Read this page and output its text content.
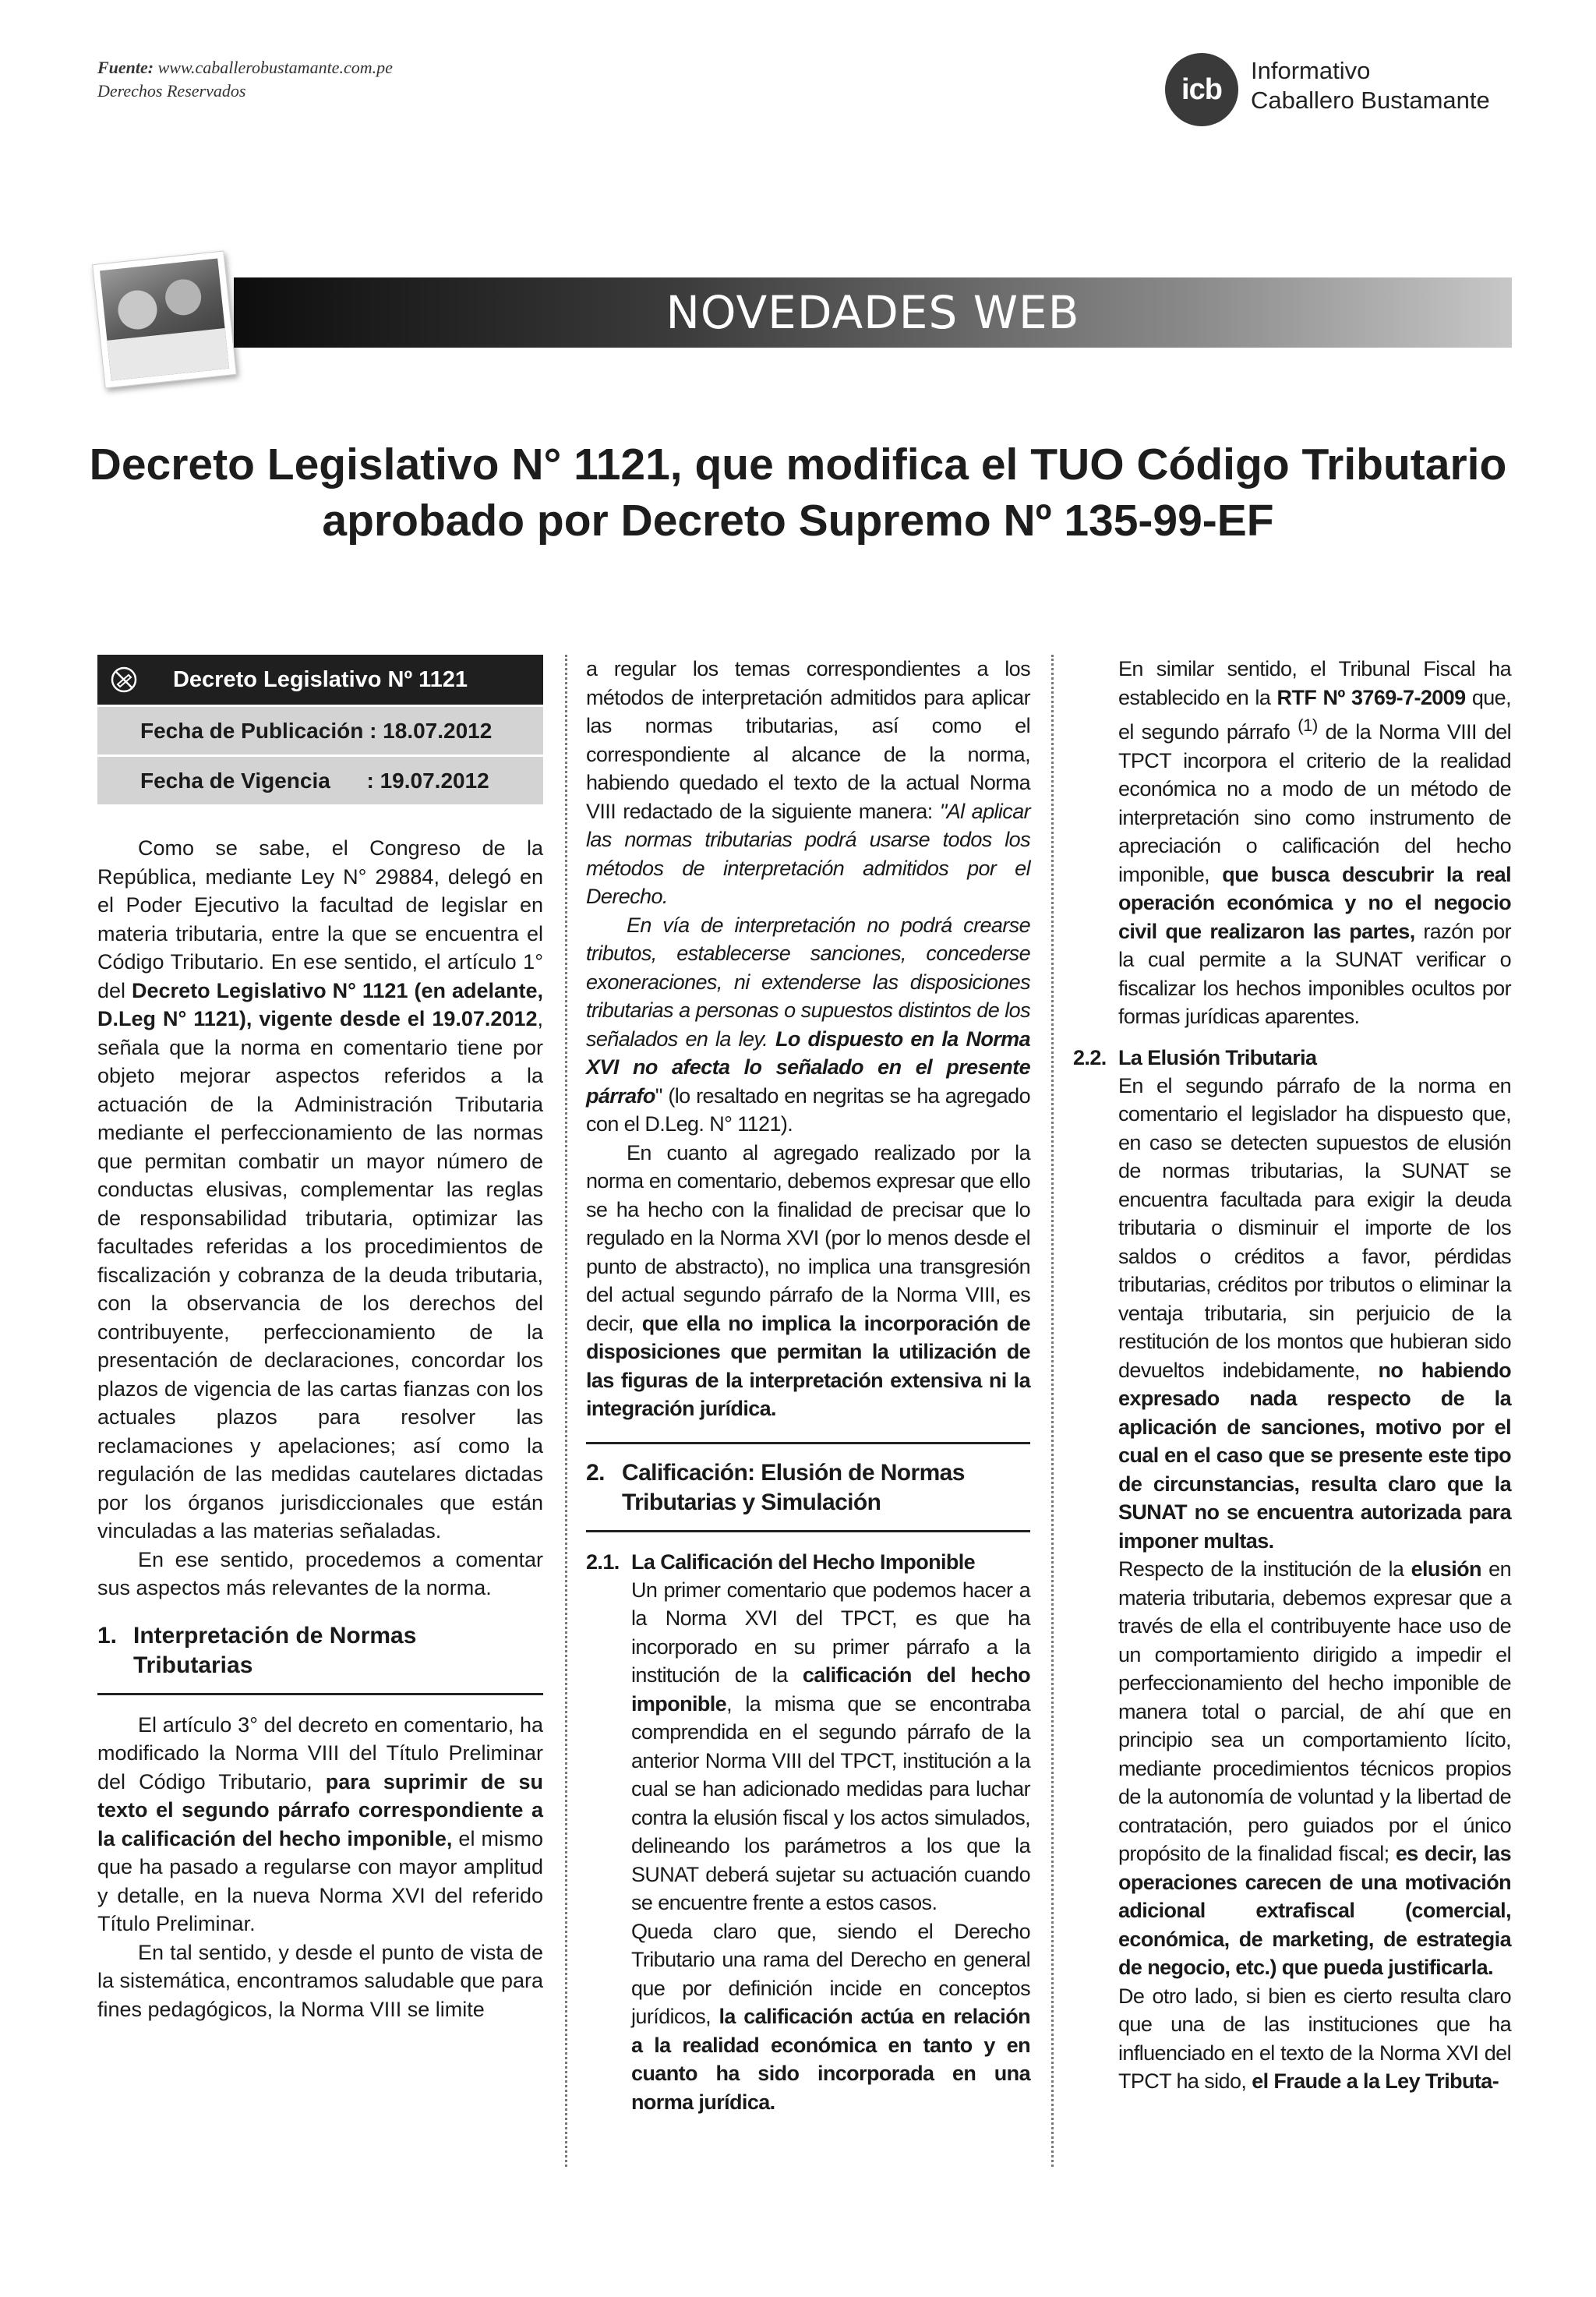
Fuente: www.caballerobustamante.com.pe
Derechos Reservados	icb
Informativo
Caballero Bustamante
NOVEDADES WEB
Decreto Legislativo N° 1121, que modifica el TUO Código Tributario
aprobado por Decreto Supremo Nº 135-99-EF
Decreto Legislativo Nº 1121
Fecha de Publicación : 18.07.2012
Fecha de Vigencia      : 19.07.2012

Como se sabe, el Congreso de la República, mediante Ley N° 29884, delegó en el Poder Ejecutivo la facultad de legislar en materia tributaria, entre la que se encuentra el Código Tributario. En ese sentido, el artículo 1° del Decreto Legislativo N° 1121 (en adelante, D.Leg N° 1121), vigente desde el 19.07.2012, señala que la norma en comentario tiene por objeto mejorar aspectos referidos a la actuación de la Administración Tributaria mediante el perfeccionamiento de las normas que permitan combatir un mayor número de conductas elusivas, complementar las reglas de responsabilidad tributaria, optimizar las facultades referidas a los procedimientos de fiscalización y cobranza de la deuda tributaria, con la observancia de los derechos del contribuyente, perfeccionamiento de la presentación de declaraciones, concordar los plazos de vigencia de las cartas fianzas con los actuales plazos para resolver las reclamaciones y apelaciones; así como la regulación de las medidas cautelares dictadas por los órganos jurisdiccionales que están vinculadas a las materias señaladas.

En ese sentido, procedemos a comentar sus aspectos más relevantes de la norma.

1. Interpretación de Normas Tributarias

El artículo 3° del decreto en comentario, ha modificado la Norma VIII del Título Preliminar del Código Tributario, para suprimir de su texto el segundo párrafo correspondiente a la calificación del hecho imponible, el mismo que ha pasado a regularse con mayor amplitud y detalle, en la nueva Norma XVI del referido Título Preliminar.

En tal sentido, y desde el punto de vista de la sistemática, encontramos saludable que para fines pedagógicos, la Norma VIII se limite

a regular los temas correspondientes a los métodos de interpretación admitidos para aplicar las normas tributarias, así como el correspondiente al alcance de la norma, habiendo quedado el texto de la actual Norma VIII redactado de la siguiente manera: "Al aplicar las normas tributarias podrá usarse todos los métodos de interpretación admitidos por el Derecho.

En vía de interpretación no podrá crearse tributos, establecerse sanciones, concederse exoneraciones, ni extenderse las disposiciones tributarias a personas o supuestos distintos de los señalados en la ley. Lo dispuesto en la Norma XVI no afecta lo señalado en el presente párrafo" (lo resaltado en negritas se ha agregado con el D.Leg. N° 1121).

En cuanto al agregado realizado por la norma en comentario, debemos expresar que ello se ha hecho con la finalidad de precisar que lo regulado en la Norma XVI (por lo menos desde el punto de abstracto), no implica una transgresión del actual segundo párrafo de la Norma VIII, es decir, que ella no implica la incorporación de disposiciones que permitan la utilización de las figuras de la interpretación extensiva ni la integración jurídica.

2. Calificación: Elusión de Normas Tributarias y Simulación
2.1. La Calificación del Hecho Imponible

Un primer comentario que podemos hacer a la Norma XVI del TPCT, es que ha incorporado en su primer párrafo a la institución de la calificación del hecho imponible, la misma que se encontraba comprendida en el segundo párrafo de la anterior Norma VIII del TPCT, institución a la cual se han adicionado medidas para luchar contra la elusión fiscal y los actos simulados, delineando los parámetros a los que la SUNAT deberá sujetar su actuación cuando se encuentre frente a estos casos.

Queda claro que, siendo el Derecho Tributario una rama del Derecho en general que por definición incide en conceptos jurídicos, la calificación actúa en relación a la realidad económica en tanto y en cuanto ha sido incorporada en una norma jurídica.

En similar sentido, el Tribunal Fiscal ha establecido en la RTF Nº 3769-7-2009 que, el segundo párrafo $^{(1)}$ de la Norma VIII del TPCT incorpora el criterio de la realidad económica no a modo de un método de interpretación sino como instrumento de apreciación o calificación del hecho imponible, que busca descubrir la real operación económica y no el negocio civil que realizaron las partes, razón por la cual permite a la SUNAT verificar o fiscalizar los hechos imponibles ocultos por formas jurídicas aparentes.

2.2. La Elusión Tributaria

En el segundo párrafo de la norma en comentario el legislador ha dispuesto que, en caso se detecten supuestos de elusión de normas tributarias, la SUNAT se encuentra facultada para exigir la deuda tributaria o disminuir el importe de los saldos o créditos a favor, pérdidas tributarias, créditos por tributos o eliminar la ventaja tributaria, sin perjuicio de la restitución de los montos que hubieran sido devueltos indebidamente, no habiendo expresado nada respecto de la aplicación de sanciones, motivo por el cual en el caso que se presente este tipo de circunstancias, resulta claro que la SUNAT no se encuentra autorizada para imponer multas.

Respecto de la institución de la elusión en materia tributaria, debemos expresar que a través de ella el contribuyente hace uso de un comportamiento dirigido a impedir el perfeccionamiento del hecho imponible de manera total o parcial, de ahí que en principio sea un comportamiento lícito, mediante procedimientos técnicos propios de la autonomía de voluntad y la libertad de contratación, pero guiados por el único propósito de la finalidad fiscal; es decir, las operaciones carecen de una motivación adicional extrafiscal (comercial, económica, de marketing, de estrategia de negocio, etc.) que pueda justificarla.

De otro lado, si bien es cierto resulta claro que una de las instituciones que ha influenciado en el texto de la Norma XVI del TPCT ha sido, el Fraude a la Ley Tributa-
